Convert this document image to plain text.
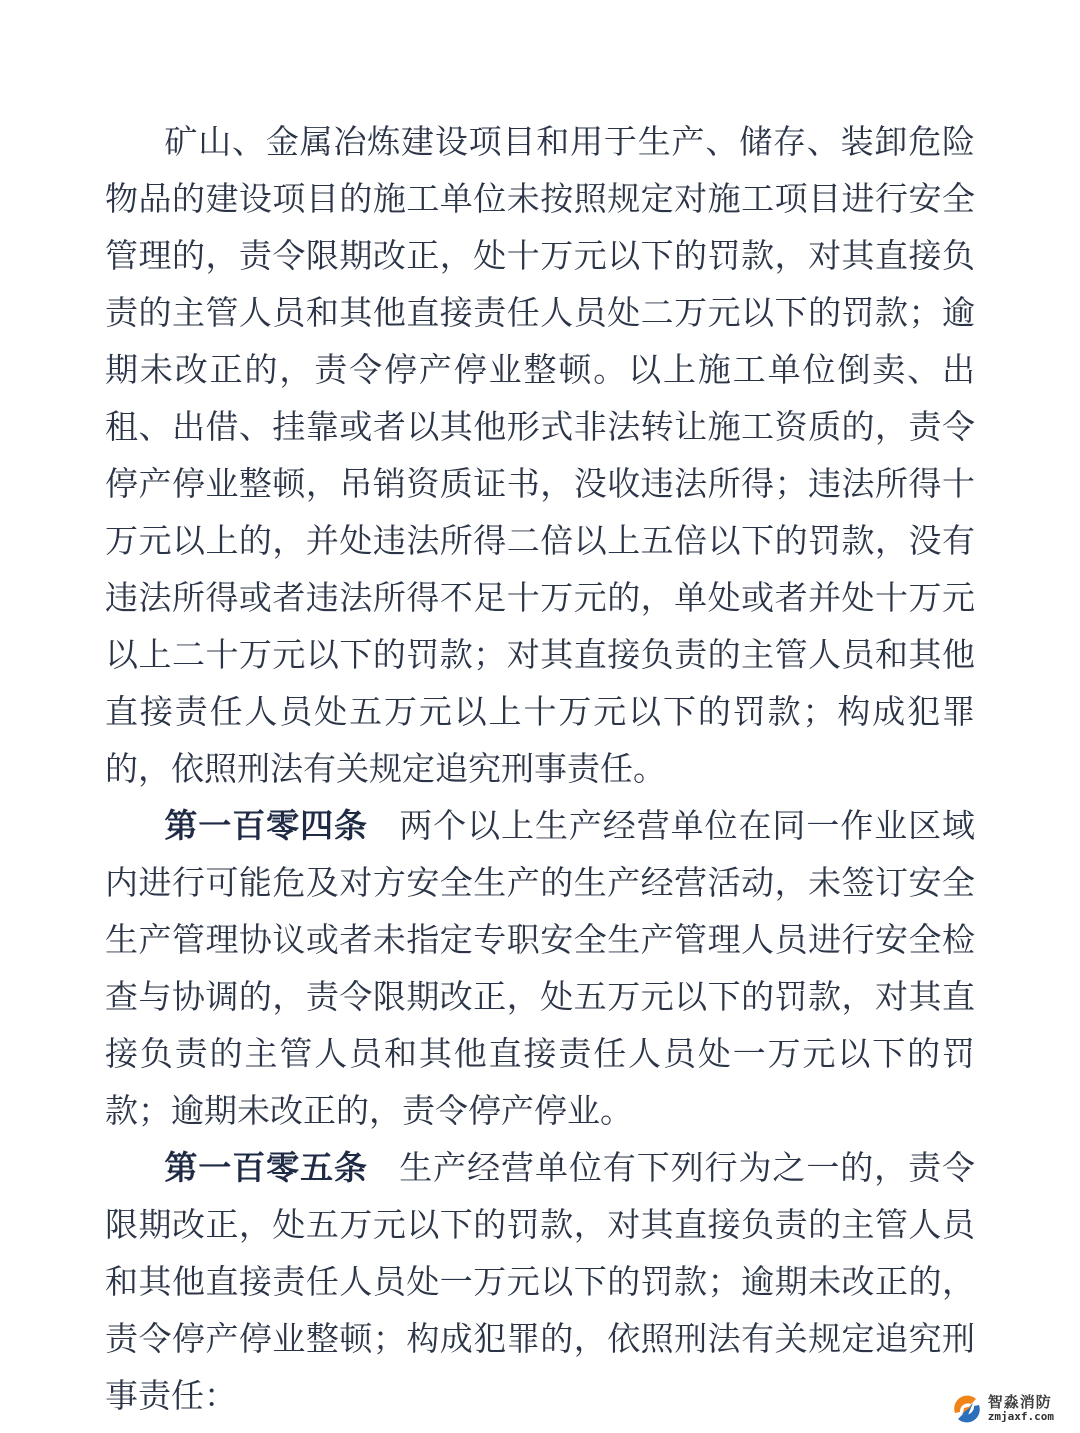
矿山、金属冶炼建设项目和用于生产、储存、装卸危险物品的建设项目的施工单位未按照规定对施工项目进行安全管理的，责令限期改正，处十万元以下的罚款，对其直接负责的主管人员和其他直接责任人员处二万元以下的罚款；逾期未改正的，责令停产停业整顿。以上施工单位倒卖、出租、出借、挂靠或者以其他形式非法转让施工资质的，责令停产停业整顿，吊销资质证书，没收违法所得；违法所得十万元以上的，并处违法所得二倍以上五倍以下的罚款，没有违法所得或者违法所得不足十万元的，单处或者并处十万元以上二十万元以下的罚款；对其直接负责的主管人员和其他直接责任人员处五万元以上十万元以下的罚款；构成犯罪的，依照刑法有关规定追究刑事责任。

第一百零四条 两个以上生产经营单位在同一作业区域内进行可能危及对方安全生产的生产经营活动，未签订安全生产管理协议或者未指定专职安全生产管理人员进行安全检查与协调的，责令限期改正，处五万元以下的罚款，对其直接负责的主管人员和其他直接责任人员处一万元以下的罚款；逾期未改正的，责令停产停业。

第一百零五条 生产经营单位有下列行为之一的，责令限期改正，处五万元以下的罚款，对其直接负责的主管人员和其他直接责任人员处一万元以下的罚款；逾期未改正的，责令停产停业整顿；构成犯罪的，依照刑法有关规定追究刑事责任：	智淼消防
zmjaxf.com
